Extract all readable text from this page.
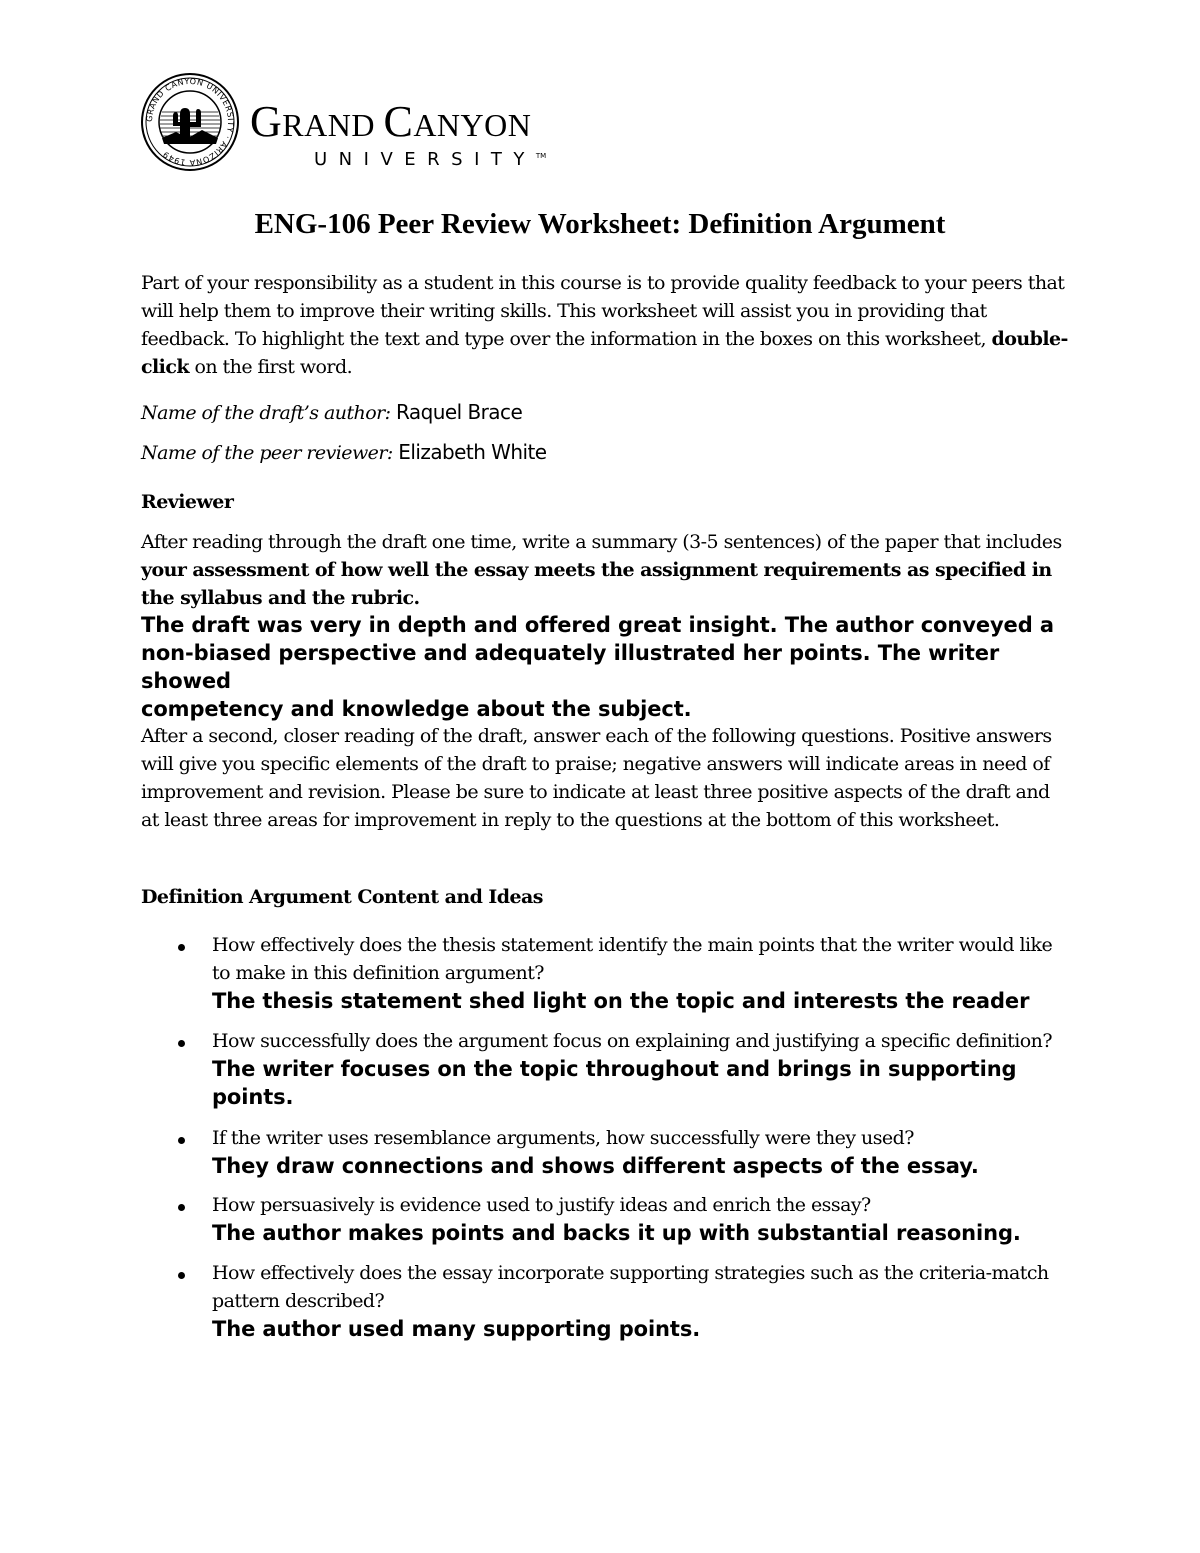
GRAND CANYON UNIVERSITY · ARIZONA 1949
GRAND CANYON
UNIVERSITY™
ENG-106 Peer Review Worksheet: Definition Argument

Part of your responsibility as a student in this course is to provide quality feedback to your peers that will help them to improve their writing skills. This worksheet will assist you in providing that feedback. To highlight the text and type over the information in the boxes on this worksheet, double-click on the first word.

Name of the draft’s author: Raquel Brace

Name of the peer reviewer: Elizabeth White

Reviewer

After reading through the draft one time, write a summary (3-5 sentences) of the paper that includes your assessment of how well the essay meets the assignment requirements as specified in the syllabus and the rubric.

The draft was very in depth and offered great insight. The author conveyed a
non-biased perspective and adequately illustrated her points. The writer showed
competency and knowledge about the subject.

After a second, closer reading of the draft, answer each of the following questions. Positive answers will give you specific elements of the draft to praise; negative answers will indicate areas in need of improvement and revision. Please be sure to indicate at least three positive aspects of the draft and at least three areas for improvement in reply to the questions at the bottom of this worksheet.

Definition Argument Content and Ideas

How effectively does the thesis statement identify the main points that the writer would like to make in this definition argument?

The thesis statement shed light on the topic and interests the reader

How successfully does the argument focus on explaining and justifying a specific definition?

The writer focuses on the topic throughout and brings in supporting points.

If the writer uses resemblance arguments, how successfully were they used?

They draw connections and shows different aspects of the essay.

How persuasively is evidence used to justify ideas and enrich the essay?

The author makes points and backs it up with substantial reasoning.

How effectively does the essay incorporate supporting strategies such as the criteria-match pattern described?

The author used many supporting points.
